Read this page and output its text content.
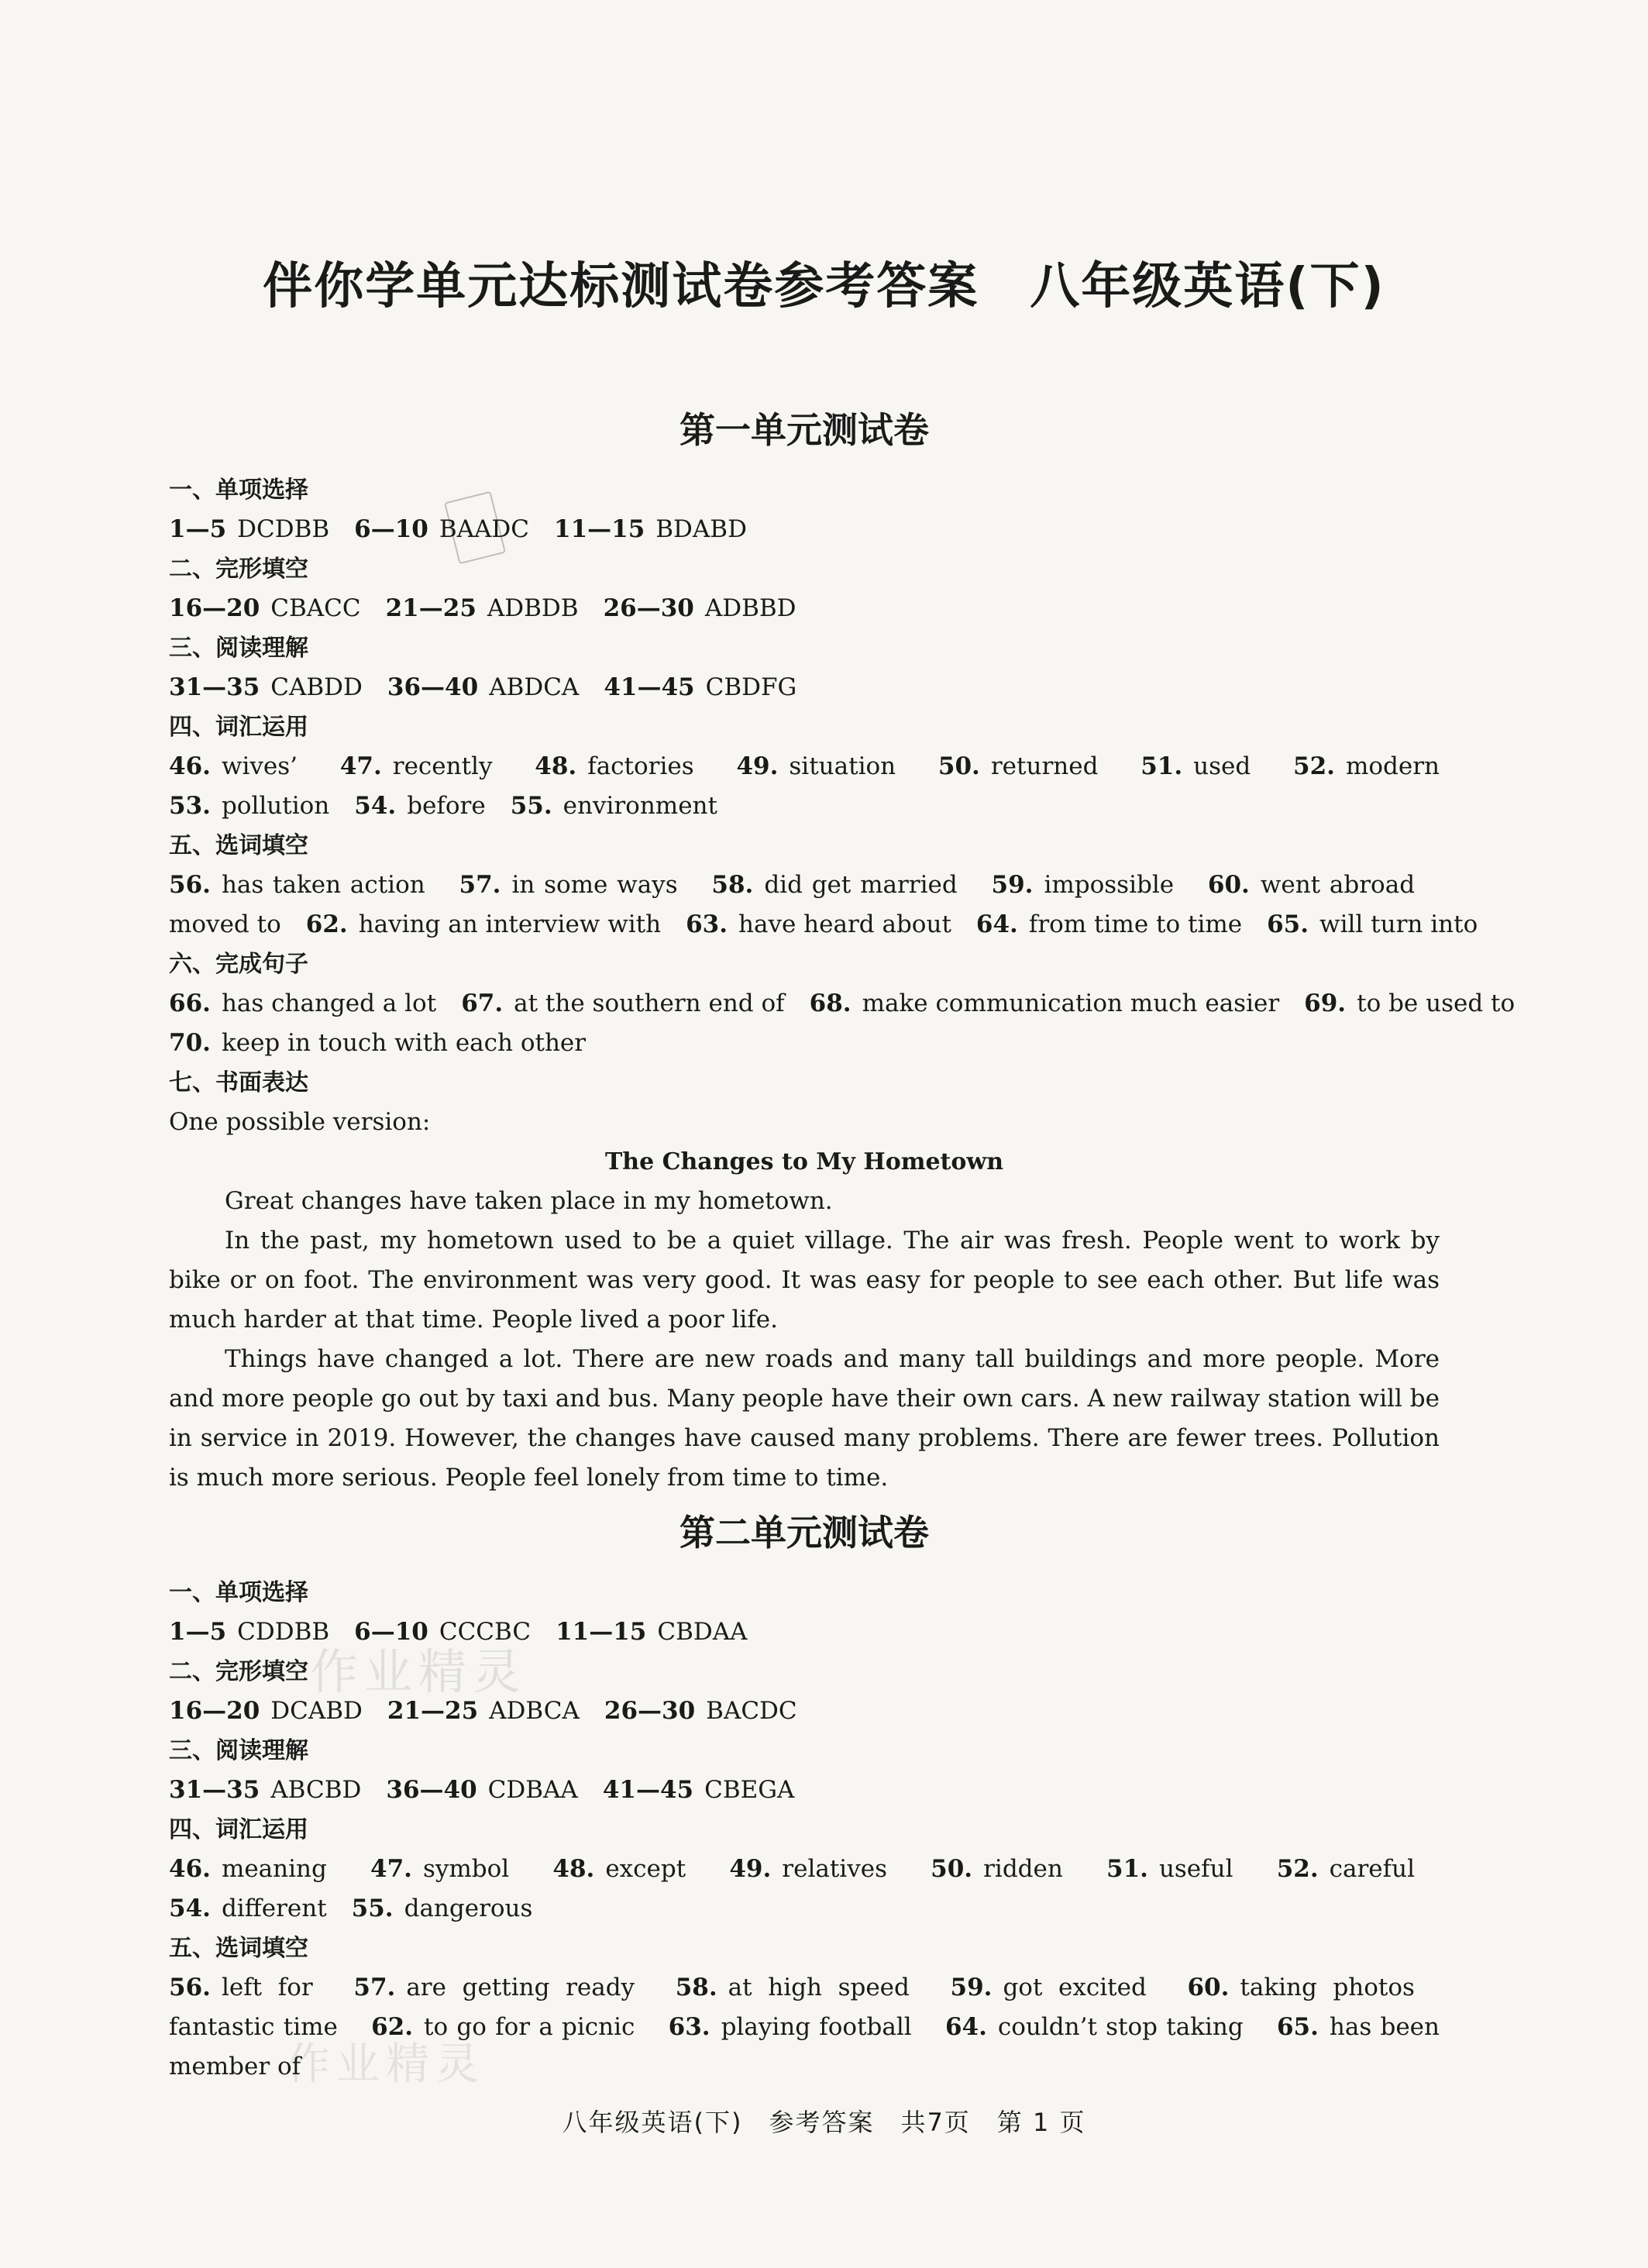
伴你学单元达标测试卷参考答案　八年级英语(下)
作业精灵
作业精灵
第一单元测试卷
一、单项选择
1—5 DCDBB 6—10 BAADC 11—15 BDABD
二、完形填空
16—20 CBACC 21—25 ADBDB 26—30 ADBBD
三、阅读理解
31—35 CABDD 36—40 ABDCA 41—45 CBDFG
四、词汇运用
46. wives’ 47. recently 48. factories 49. situation 50. returned 51. used 52. modern
53. pollution 54. before 55. environment
五、选词填空
56. has taken action 57. in some ways 58. did get married 59. impossible 60. went abroad
moved to 62. having an interview with 63. have heard about 64. from time to time 65. will turn into
六、完成句子
66. has changed a lot 67. at the southern end of 68. make communication much easier 69. to be used to
70. keep in touch with each other
七、书面表达
One possible version:
The Changes to My Hometown

Great changes have taken place in my hometown.

In the past, my hometown used to be a quiet village. The air was fresh. People went to work by bike or on foot. The environment was very good. It was easy for people to see each other. But life was much harder at that time. People lived a poor life.

Things have changed a lot. There are new roads and many tall buildings and more people. More and more people go out by taxi and bus. Many people have their own cars. A new railway station will be in service in 2019. However, the changes have caused many problems. There are fewer trees. Pollution is much more serious. People feel lonely from time to time.

第二单元测试卷
一、单项选择
1—5 CDDBB 6—10 CCCBC 11—15 CBDAA
二、完形填空
16—20 DCABD 21—25 ADBCA 26—30 BACDC
三、阅读理解
31—35 ABCBD 36—40 CDBAA 41—45 CBEGA
四、词汇运用
46. meaning 47. symbol 48. except 49. relatives 50. ridden 51. useful 52. careful
54. different 55. dangerous
五、选词填空
56. left for 57. are getting ready 58. at high speed 59. got excited 60. taking photos
fantastic time 62. to go for a picnic 63. playing football 64. couldn’t stop taking 65. has been
member of
八年级英语(下)　参考答案　共7页　第 1 页
